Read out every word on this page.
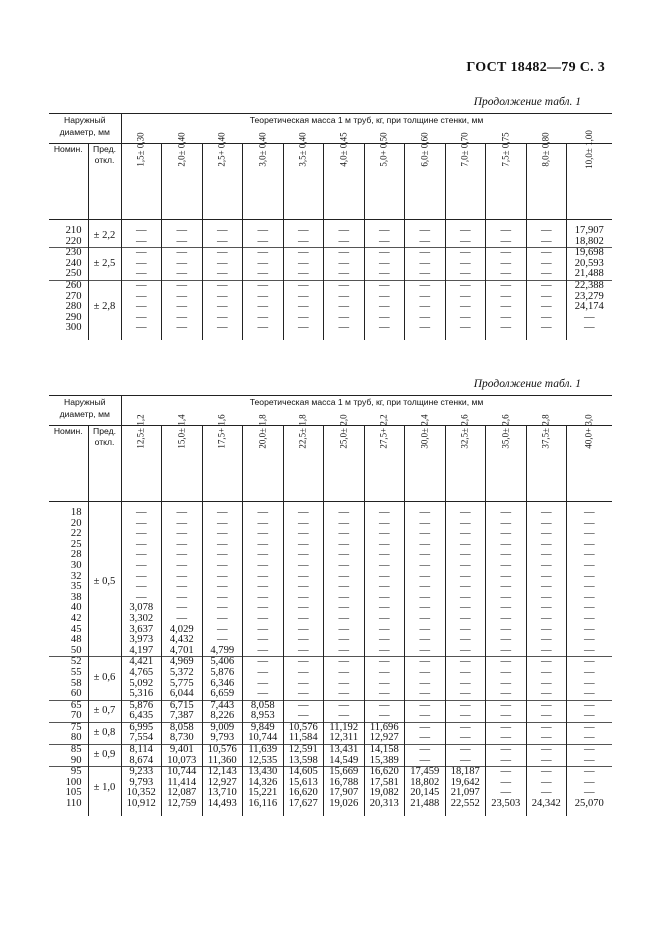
ГОСТ 18482—79 С. 3
Продолжение табл. 1
Наружный диаметр, мм		Теоретическая масса 1 м труб, кг, при толщине стенки, мм											
Номин.	Пред. откл.	1,5± 0,30	2,0± 0,40	2,5+ 0,40	3,0± 0,40	3,5± 0,40	4,0± 0,45	5,0+ 0,50	6,0± 0,60	7,0± 0,70	7,5± 0,75	8,0± 0,80	10,0± 1,00

210	± 2,2	—	—	—	—	—	—	—	—	—	—	—	17,907
220		—	—	—	—	—	—	—	—	—	—	—	18,802
230	± 2,5	—	—	—	—	—	—	—	—	—	—	—	19,698
240		—	—	—	—	—	—	—	—	—	—	—	20,593
250		—	—	—	—	—	—	—	—	—	—	—	21,488
260	± 2,8	—	—	—	—	—	—	—	—	—	—	—	22,388
270		—	—	—	—	—	—	—	—	—	—	—	23,279
280		—	—	—	—	—	—	—	—	—	—	—	24,174
290		—	—	—	—	—	—	—	—	—	—	—	—
300		—	—	—	—	—	—	—	—	—	—	—	—

Продолжение табл. 1
Наружный диаметр, мм		Теоретическая масса 1 м труб, кг, при толщине стенки, мм											
Номин.	Пред. откл.	12,5± 1,2	15,0± 1,4	17,5+ 1,6	20,0± 1,8	22,5± 1,8	25,0± 2,0	27,5+ 2,2	30,0± 2,4	32,5± 2,6	35,0± 2,6	37,5± 2,8	40,0+ 3,0

18	± 0,5	—	—	—	—	—	—	—	—	—	—	—	—
20		—	—	—	—	—	—	—	—	—	—	—	—
22		—	—	—	—	—	—	—	—	—	—	—	—
25		—	—	—	—	—	—	—	—	—	—	—	—
28		—	—	—	—	—	—	—	—	—	—	—	—
30		—	—	—	—	—	—	—	—	—	—	—	—
32		—	—	—	—	—	—	—	—	—	—	—	—
35		—	—	—	—	—	—	—	—	—	—	—	—
38		—	—	—	—	—	—	—	—	—	—	—	—
40		3,078	—	—	—	—	—	—	—	—	—	—	—
42		3,302	—	—	—	—	—	—	—	—	—	—	—
45		3,637	4,029	—	—	—	—	—	—	—	—	—	—
48		3,973	4,432	—	—	—	—	—	—	—	—	—	—
50		4,197	4,701	4,799	—	—	—	—	—	—	—	—	—
52	± 0,6	4,421	4,969	5,406	—	—	—	—	—	—	—	—	—
55		4,765	5,372	5,876	—	—	—	—	—	—	—	—	—
58		5,092	5,775	6,346	—	—	—	—	—	—	—	—	—
60		5,316	6,044	6,659	—	—	—	—	—	—	—	—	—
65	± 0,7	5,876	6,715	7,443	8,058	—	—	—	—	—	—	—	—
70		6,435	7,387	8,226	8,953	—	—	—	—	—	—	—	—
75	± 0,8	6,995	8,058	9,009	9,849	10,576	11,192	11,696	—	—	—	—	—
80		7,554	8,730	9,793	10,744	11,584	12,311	12,927	—	—	—	—	—
85	± 0,9	8,114	9,401	10,576	11,639	12,591	13,431	14,158	—	—	—	—	—
90		8,674	10,073	11,360	12,535	13,598	14,549	15,389	—	—	—	—	—
95	± 1,0	9,233	10,744	12,143	13,430	14,605	15,669	16,620	17,459	18,187	—	—	—
100		9,793	11,414	12,927	14,326	15,613	16,788	17,581	18,802	19,642	—	—	—
105		10,352	12,087	13,710	15,221	16,620	17,907	19,082	20,145	21,097	—	—	—
110		10,912	12,759	14,493	16,116	17,627	19,026	20,313	21,488	22,552	23,503	24,342	25,070
